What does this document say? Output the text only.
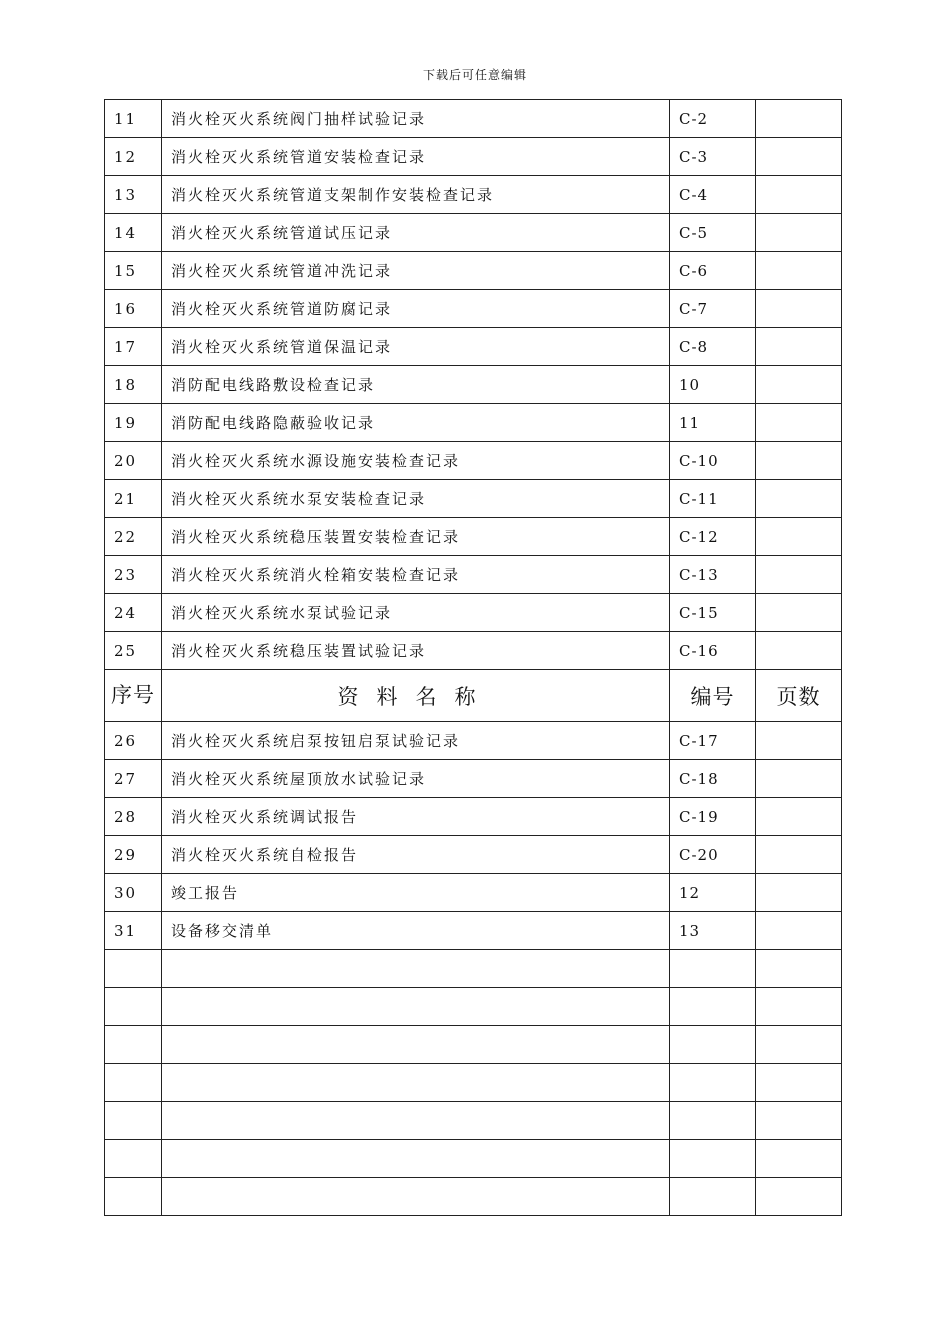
下载后可任意编辑
11	消火栓灭火系统阀门抽样试验记录	C-2	
12	消火栓灭火系统管道安装检查记录	C-3	
13	消火栓灭火系统管道支架制作安装检查记录	C-4	
14	消火栓灭火系统管道试压记录	C-5	
15	消火栓灭火系统管道冲洗记录	C-6	
16	消火栓灭火系统管道防腐记录	C-7	
17	消火栓灭火系统管道保温记录	C-8	
18	消防配电线路敷设检查记录	10	
19	消防配电线路隐蔽验收记录	11	
20	消火栓灭火系统水源设施安装检查记录	C-10	
21	消火栓灭火系统水泵安装检查记录	C-11	
22	消火栓灭火系统稳压装置安装检查记录	C-12	
23	消火栓灭火系统消火栓箱安装检查记录	C-13	
24	消火栓灭火系统水泵试验记录	C-15	
25	消火栓灭火系统稳压装置试验记录	C-16	
序号	资料名称	编号	页数
26	消火栓灭火系统启泵按钮启泵试验记录	C-17	
27	消火栓灭火系统屋顶放水试验记录	C-18	
28	消火栓灭火系统调试报告	C-19	
29	消火栓灭火系统自检报告	C-20	
30	竣工报告	12	
31	设备移交清单	13	
